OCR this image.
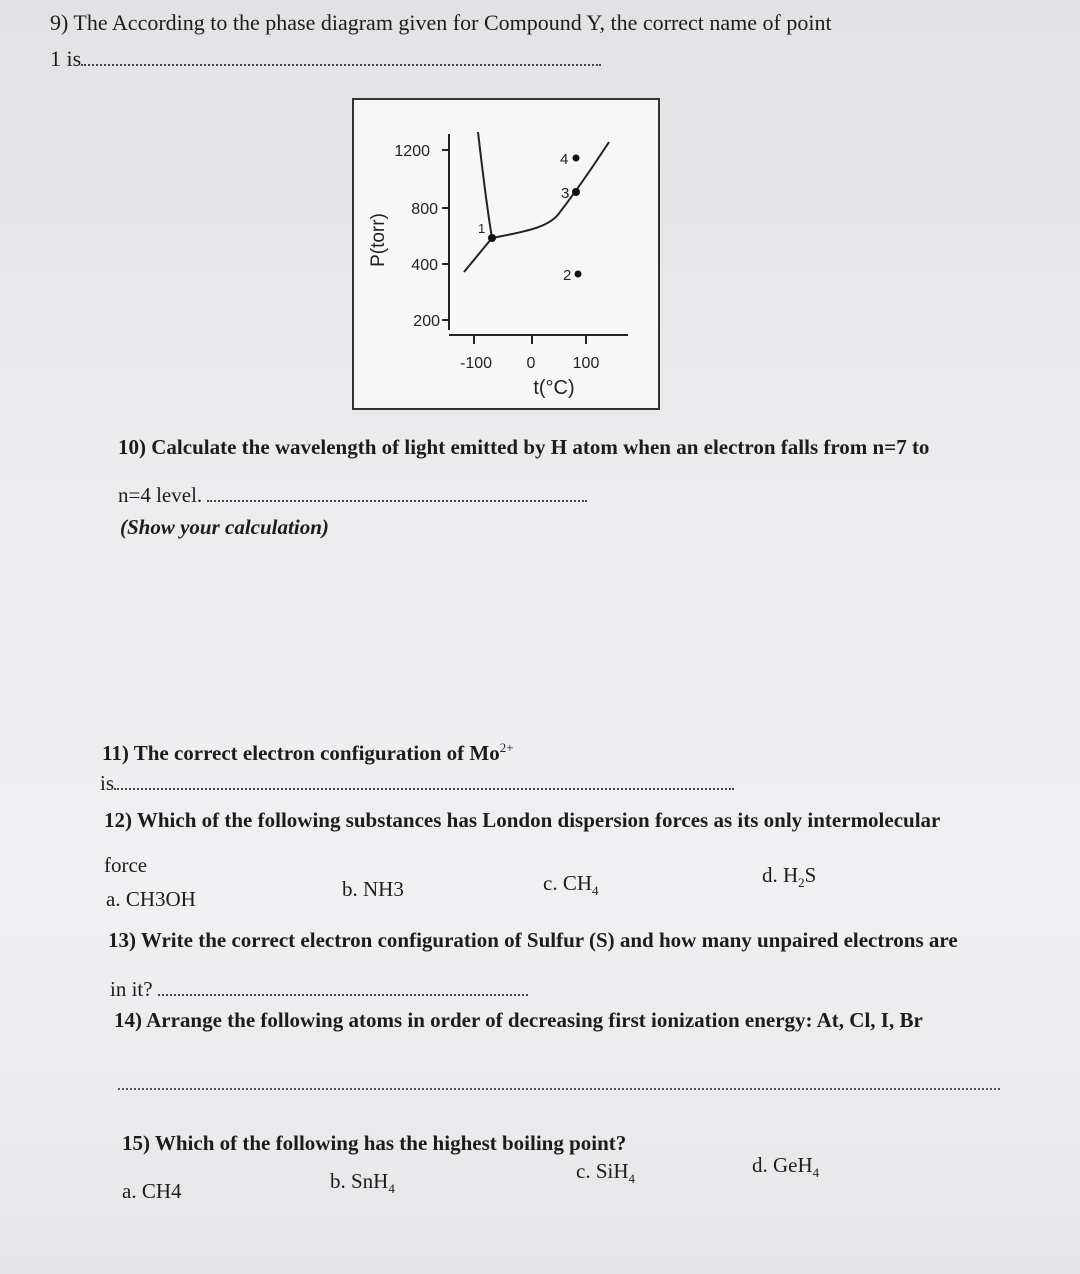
9) The According to the phase diagram given for Compound Y, the correct name of point
1 is
P(torr)
1200
800
400
200
-100 0 100
t(°C)
1
2
3
4
10) Calculate the wavelength of light emitted by H atom when an electron falls from n=7 to
n=4 level.
(Show your calculation)
11) The correct electron configuration of $Mo^{2+}$
is
12) Which of the following substances has London dispersion forces as its only intermolecular
force
a. CH3OH	b. NH3	c. $CH_4$
d. $H_2S$
13) Write the correct electron configuration of Sulfur (S) and how many unpaired electrons are
in it?
14) Arrange the following atoms in order of decreasing first ionization energy: At, Cl, I, Br
15) Which of the following has the highest boiling point?
a. CH4	b. SnH$_4$
c. SiH$_4$
d. GeH$_4$
